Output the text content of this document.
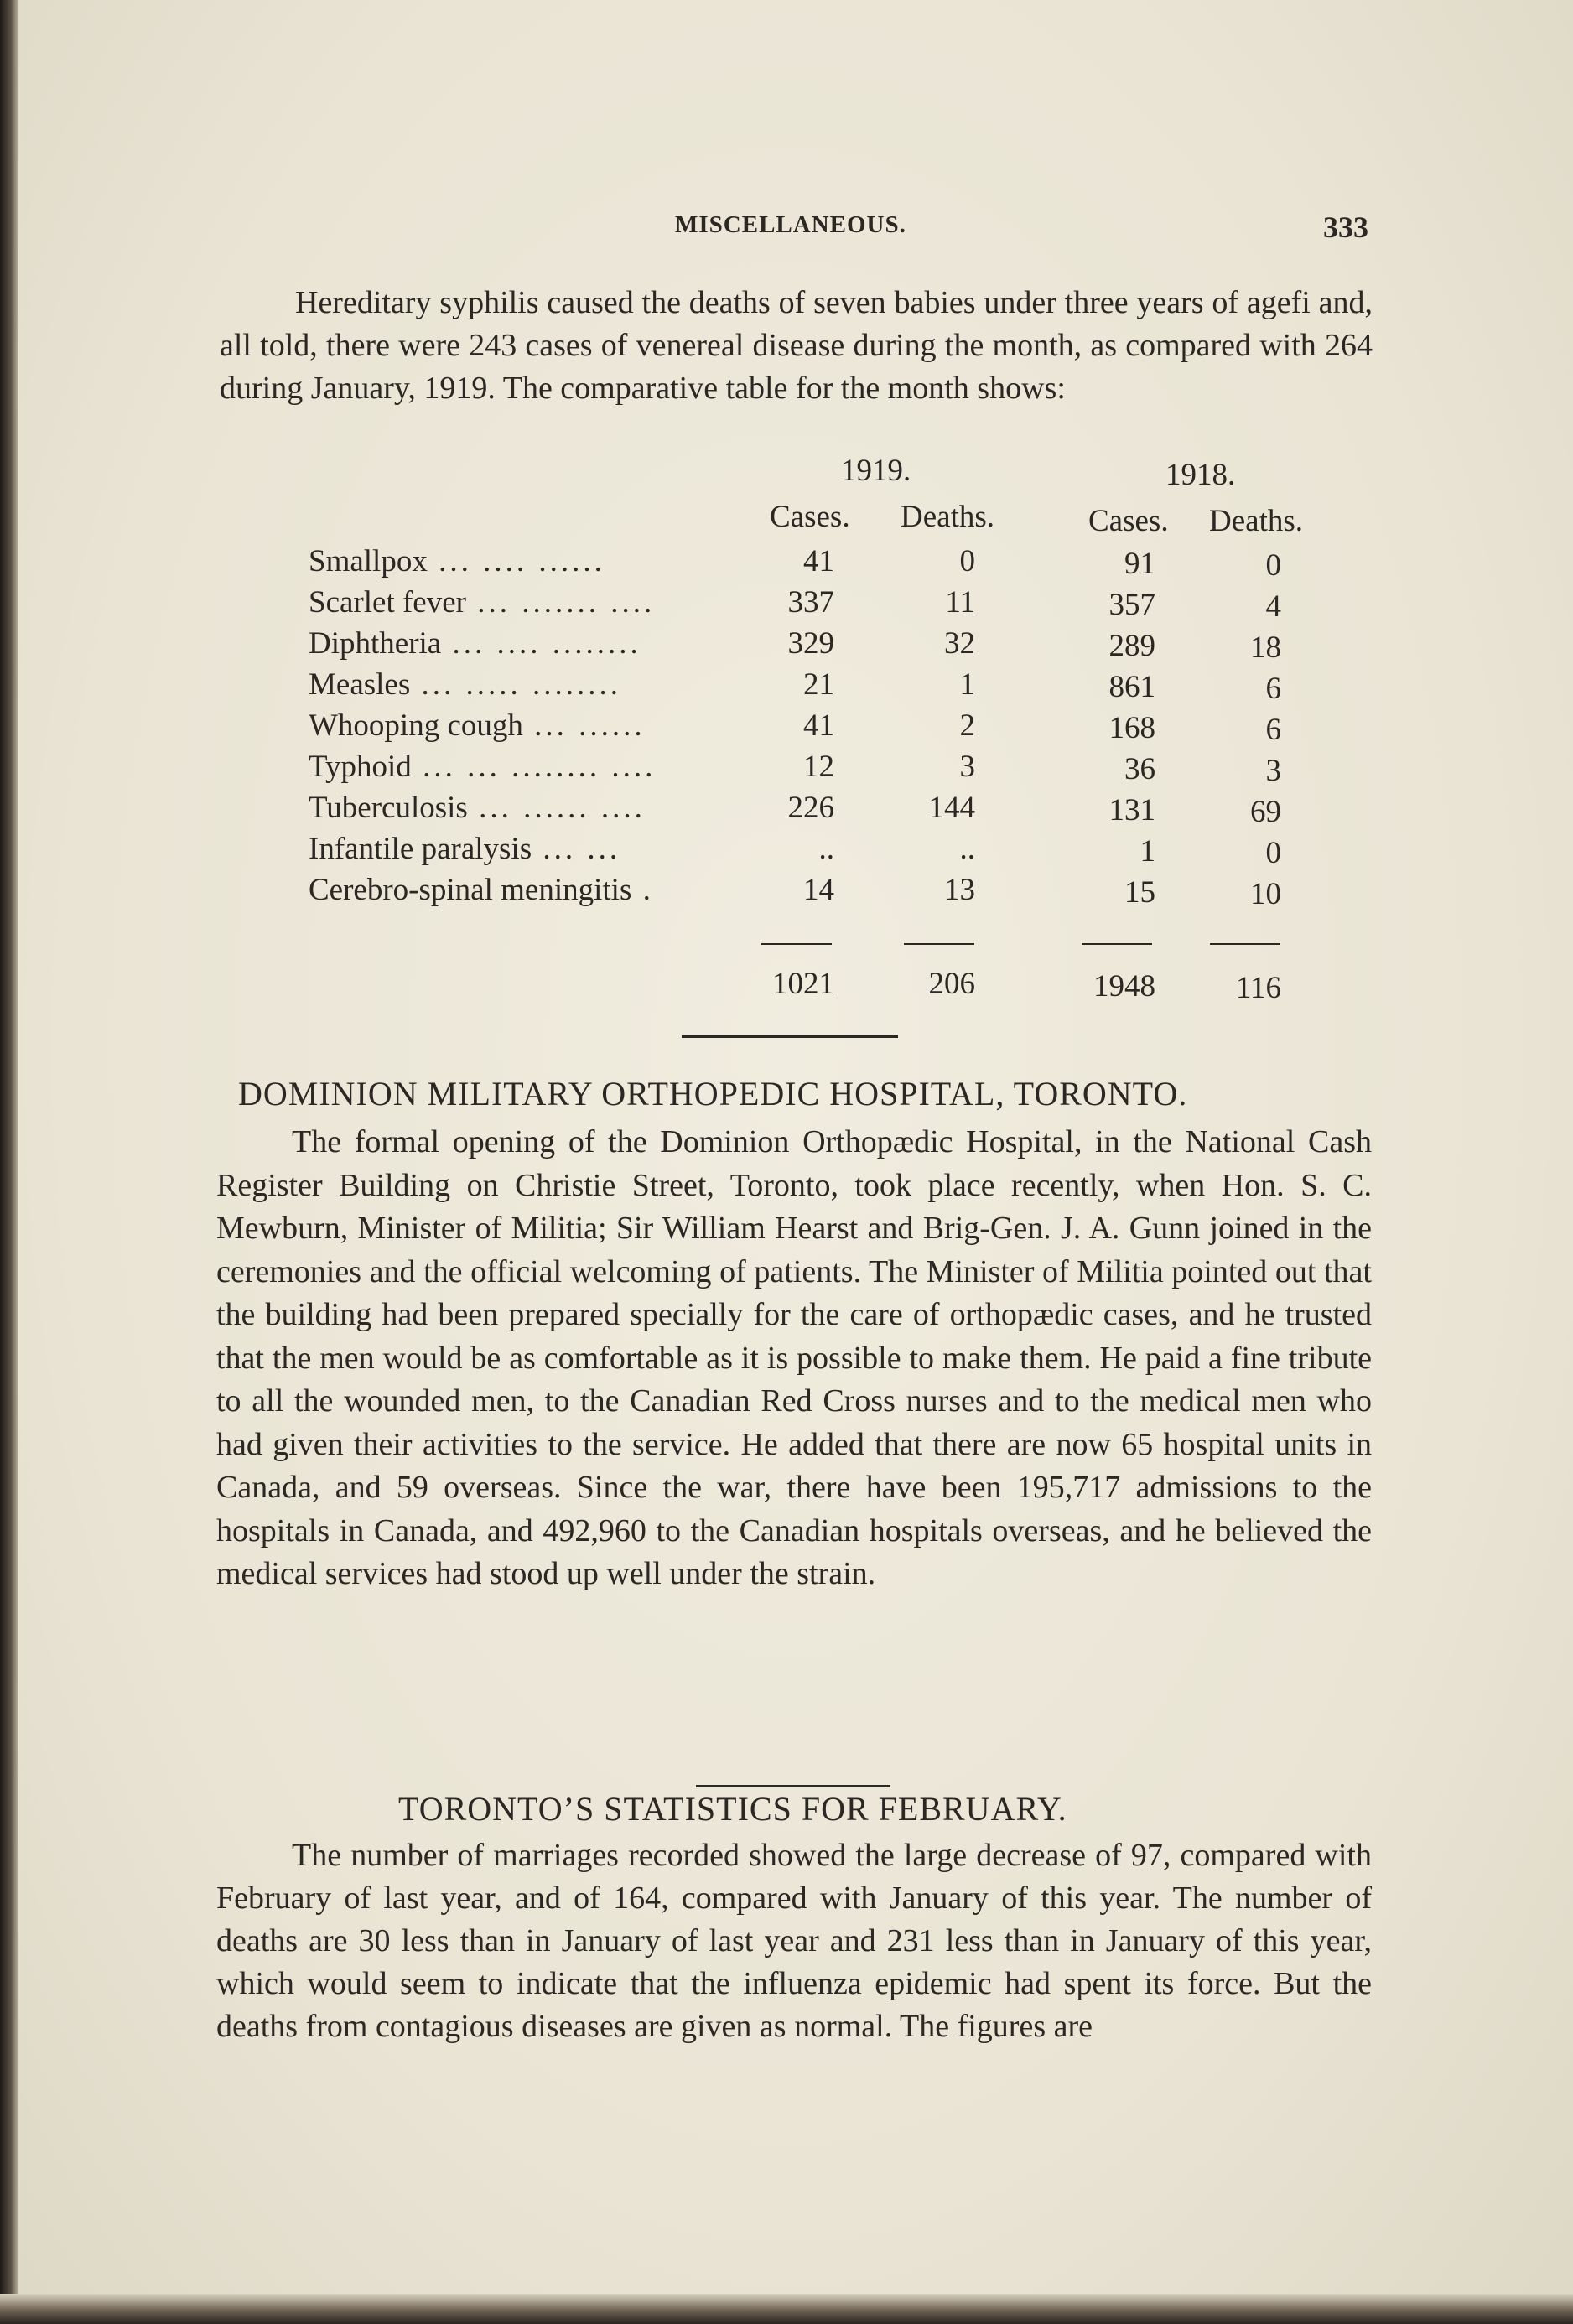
MISCELLANEOUS.	333

Hereditary syphilis caused the deaths of seven babies under three years of agefi and, all told, there were 243 cases of venereal disease during the month, as compared with 264 during January, 1919. The comparative table for the month shows:

1919.	1918.
Cases. Deaths.	Cases. Deaths.
Smallpox ... .... ......	41	0	91	0
Scarlet fever ... ....... ....	337	11	357	4
Diphtheria ... .... ........	329	32	289	18
Measles ... ..... ........	21	1	861	6
Whooping cough ... ......	41	2	168	6
Typhoid ... ... ........ ....	12	3	36	3
Tuberculosis ... ...... ....	226	144	131	69
Infantile paralysis ... ...	..	..	1	0
Cerebro-spinal meningitis .	14	13	15	10
1021	206	1948	116
DOMINION MILITARY ORTHOPEDIC HOSPITAL, TORONTO.

The formal opening of the Dominion Orthopædic Hospital, in the National Cash Register Building on Christie Street, Toronto, took place recently, when Hon. S. C. Mewburn, Minister of Militia; Sir William Hearst and Brig-Gen. J. A. Gunn joined in the ceremonies and the official welcoming of patients. The Minister of Militia pointed out that the building had been prepared specially for the care of orthopædic cases, and he trusted that the men would be as comfortable as it is possible to make them. He paid a fine tribute to all the wounded men, to the Canadian Red Cross nurses and to the medical men who had given their activities to the service. He added that there are now 65 hospital units in Canada, and 59 overseas. Since the war, there have been 195,717 admissions to the hospitals in Canada, and 492,960 to the Canadian hospitals overseas, and he believed the medical services had stood up well under the strain.

TORONTO’S STATISTICS FOR FEBRUARY.

The number of marriages recorded showed the large decrease of 97, compared with February of last year, and of 164, compared with January of this year. The number of deaths are 30 less than in January of last year and 231 less than in January of this year, which would seem to indicate that the influenza epidemic had spent its force. But the deaths from contagious diseases are given as normal. The figures are
